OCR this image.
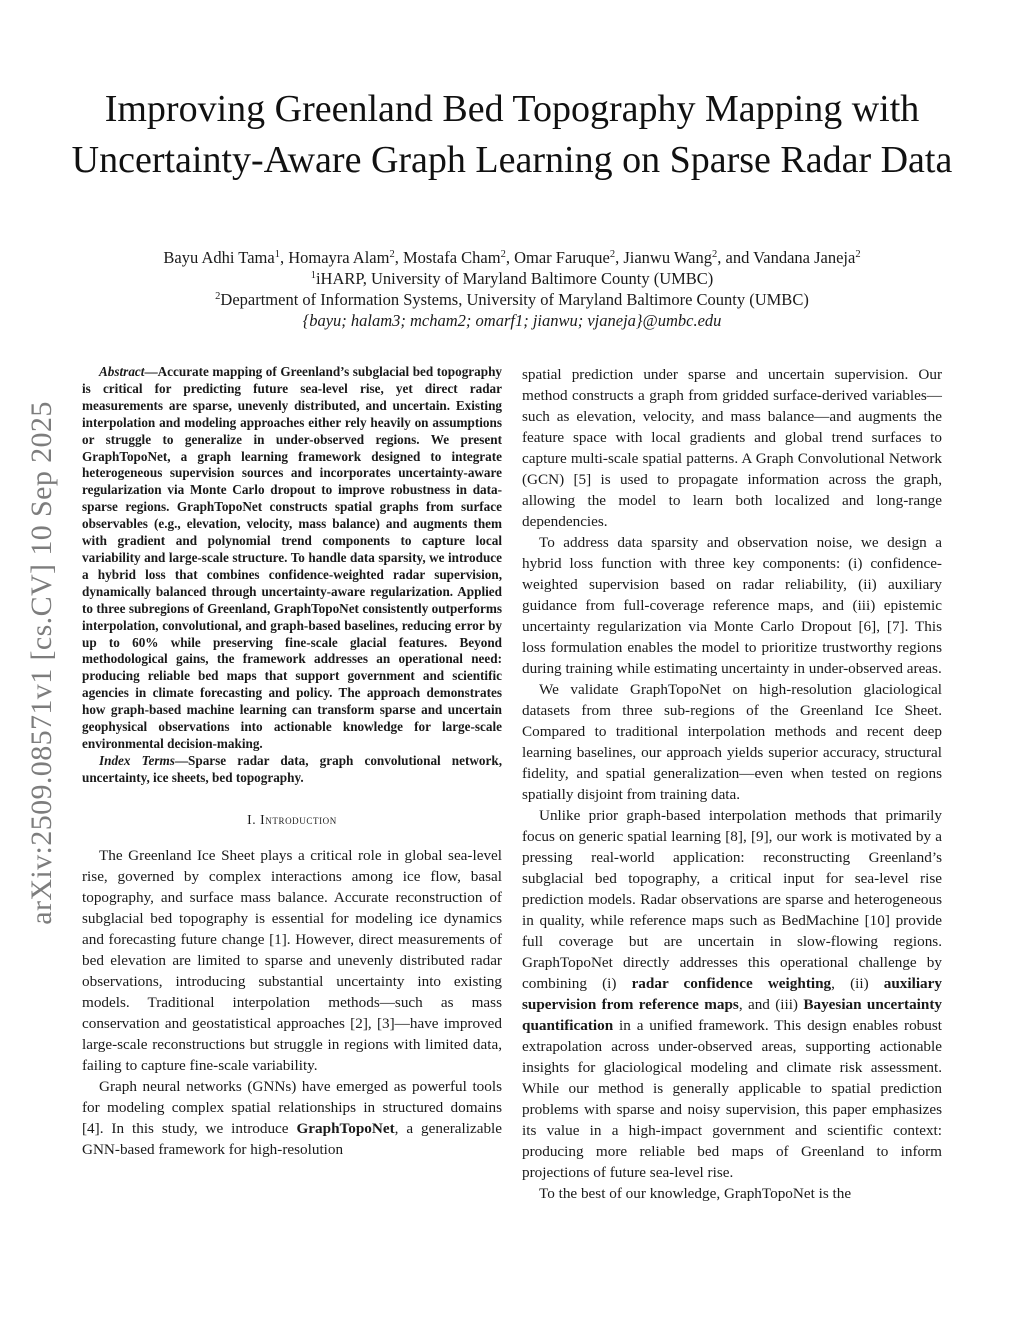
arXiv:2509.08571v1 [cs.CV] 10 Sep 2025
Improving Greenland Bed Topography Mapping with Uncertainty-Aware Graph Learning on Sparse Radar Data
Bayu Adhi Tama$^1$, Homayra Alam$^2$, Mostafa Cham$^2$, Omar Faruque$^2$, Jianwu Wang$^2$, and Vandana Janeja$^2$
$^1$iHARP, University of Maryland Baltimore County (UMBC)
$^2$Department of Information Systems, University of Maryland Baltimore County (UMBC)
{bayu; halam3; mcham2; omarf1; jianwu; vjaneja}@umbc.edu

Abstract—Accurate mapping of Greenland’s subglacial bed topography is critical for predicting future sea-level rise, yet direct radar measurements are sparse, unevenly distributed, and uncertain. Existing interpolation and modeling approaches either rely heavily on assumptions or struggle to generalize in under-observed regions. We present GraphTopoNet, a graph learning framework designed to integrate heterogeneous supervision sources and incorporates uncertainty-aware regularization via Monte Carlo dropout to improve robustness in data-sparse regions. GraphTopoNet constructs spatial graphs from surface observables (e.g., elevation, velocity, mass balance) and augments them with gradient and polynomial trend components to capture local variability and large-scale structure. To handle data sparsity, we introduce a hybrid loss that combines confidence-weighted radar supervision, dynamically balanced through uncertainty-aware regularization. Applied to three subregions of Greenland, GraphTopoNet consistently outperforms interpolation, convolutional, and graph-based baselines, reducing error by up to 60% while preserving fine-scale glacial features. Beyond methodological gains, the framework addresses an operational need: producing reliable bed maps that support government and scientific agencies in climate forecasting and policy. The approach demonstrates how graph-based machine learning can transform sparse and uncertain geophysical observations into actionable knowledge for large-scale environmental decision-making.

Index Terms—Sparse radar data, graph convolutional network, uncertainty, ice sheets, bed topography.

I. Introduction

The Greenland Ice Sheet plays a critical role in global sea-level rise, governed by complex interactions among ice flow, basal topography, and surface mass balance. Accurate reconstruction of subglacial bed topography is essential for modeling ice dynamics and forecasting future change [1]. However, direct measurements of bed elevation are limited to sparse and unevenly distributed radar observations, introducing substantial uncertainty into existing models. Traditional interpolation methods—such as mass conservation and geostatistical approaches [2], [3]—have improved large-scale reconstructions but struggle in regions with limited data, failing to capture fine-scale variability.

Graph neural networks (GNNs) have emerged as powerful tools for modeling complex spatial relationships in structured domains [4]. In this study, we introduce GraphTopoNet, a generalizable GNN-based framework for high-resolution

spatial prediction under sparse and uncertain supervision. Our method constructs a graph from gridded surface-derived variables—such as elevation, velocity, and mass balance—and augments the feature space with local gradients and global trend surfaces to capture multi-scale spatial patterns. A Graph Convolutional Network (GCN) [5] is used to propagate information across the graph, allowing the model to learn both localized and long-range dependencies.

To address data sparsity and observation noise, we design a hybrid loss function with three key components: (i) confidence-weighted supervision based on radar reliability, (ii) auxiliary guidance from full-coverage reference maps, and (iii) epistemic uncertainty regularization via Monte Carlo Dropout [6], [7]. This loss formulation enables the model to prioritize trustworthy regions during training while estimating uncertainty in under-observed areas.

We validate GraphTopoNet on high-resolution glaciological datasets from three sub-regions of the Greenland Ice Sheet. Compared to traditional interpolation methods and recent deep learning baselines, our approach yields superior accuracy, structural fidelity, and spatial generalization—even when tested on regions spatially disjoint from training data.

Unlike prior graph-based interpolation methods that primarily focus on generic spatial learning [8], [9], our work is motivated by a pressing real-world application: reconstructing Greenland’s subglacial bed topography, a critical input for sea-level rise prediction models. Radar observations are sparse and heterogeneous in quality, while reference maps such as BedMachine [10] provide full coverage but are uncertain in slow-flowing regions. GraphTopoNet directly addresses this operational challenge by combining (i) radar confidence weighting, (ii) auxiliary supervision from reference maps, and (iii) Bayesian uncertainty quantification in a unified framework. This design enables robust extrapolation across under-observed areas, supporting actionable insights for glaciological modeling and climate risk assessment. While our method is generally applicable to spatial prediction problems with sparse and noisy supervision, this paper emphasizes its value in a high-impact government and scientific context: producing more reliable bed maps of Greenland to inform projections of future sea-level rise.

To the best of our knowledge, GraphTopoNet is the
